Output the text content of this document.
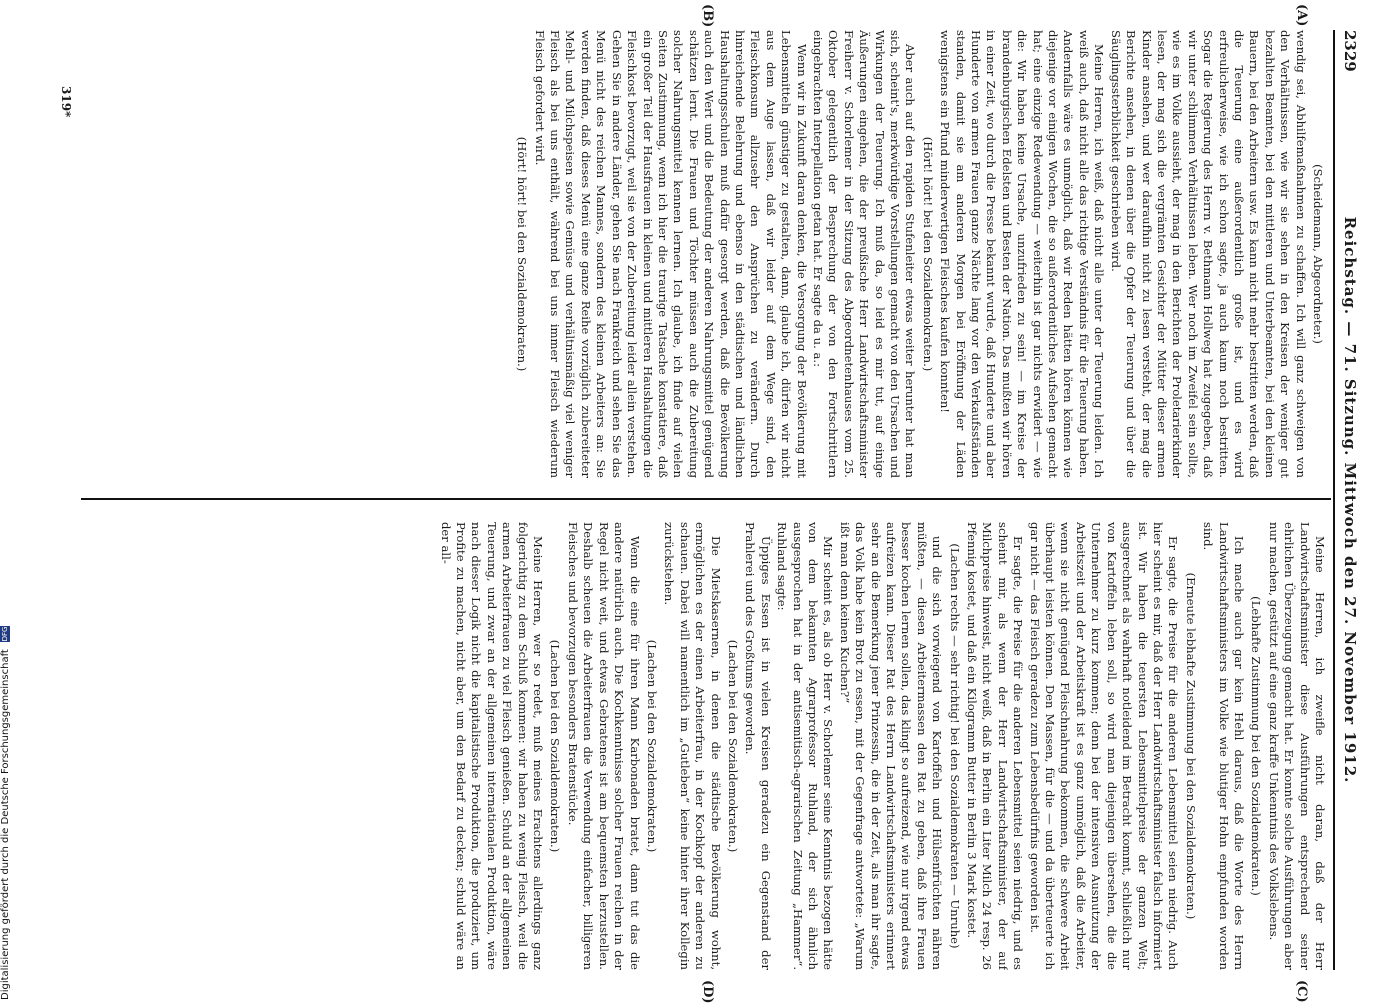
Reichstag. — 71. Sitzung. Mittwoch den 27. November 1912.
2329
(A)
(B)
(C)
(D)

(Scheidemann, Abgeordneter.)

wendig sei, Abhilfemaßnahmen zu schaffen. Ich will ganz schweigen von den Verhältnissen, wie wir sie sehen in den Kreisen der weniger gut bezahlten Beamten, bei den mittleren und Unterbeamten, bei den kleinen Bauern, bei den Arbeitern usw. Es kann nicht mehr bestritten werden, daß die Teuerung eine außerordentlich große ist, und es wird erfreulicherweise, wie ich schon sagte, ja auch kaum noch bestritten. Sogar die Regierung des Herrn v. Bethmann Hollweg hat zugegeben, daß wir unter schlimmen Verhältnissen leben. Wer noch im Zweifel sein sollte, wie es im Volke aussieht, der mag in den Berichten der Proletarierkinder lesen, der mag sich die vergrämten Gesichter der Mütter dieser armen Kinder ansehen, und wer daraufhin nicht zu lesen versteht, der mag die Berichte ansehen, in denen über die Opfer der Teuerung und über die Säuglingssterblichkeit geschrieben wird.

Meine Herren, ich weiß, daß nicht alle unter der Teuerung leiden. Ich weiß auch, daß nicht alle das richtige Verständnis für die Teuerung haben. Andernfalls wäre es unmöglich, daß wir Reden hätten hören können wie diejenige vor einigen Wochen, die so außerordentliches Aufsehen gemacht hat; eine einzige Redewendung — weiterhin ist gar nichts erwidert — wie die: Wir haben keine Ursache, unzufrieden zu sein! — im Kreise der brandenburgischen Edelsten und Besten der Nation. Das mußten wir hören in einer Zeit, wo durch die Presse bekannt wurde, daß Hunderte und aber Hunderte von armen Frauen ganze Nächte lang vor den Verkaufsständen standen, damit sie am anderen Morgen bei Eröffnung der Läden wenigstens ein Pfund minderwertigen Fleisches kaufen konnten!

(Hört! hört! bei den Sozialdemokraten.)

Aber auch auf den rapiden Stufenleiter etwas weiter herunter hat man sich, scheint's, merkwürdige Vorstellungen gemacht von den Ursachen und Wirkungen der Teuerung. Ich muß da, so leid es mir tut, auf einige Äußerungen eingehen, die der preußische Herr Landwirtschaftsminister Freiherr v. Schorlemer in der Sitzung des Abgeordnetenhauses vom 25. Oktober gelegentlich der Besprechung der von den Fortschrittlern eingebrachten Interpellation getan hat. Er sagte da u. a.:

Wenn wir in Zukunft daran denken, die Versorgung der Bevölkerung mit Lebensmitteln günstiger zu gestalten, dann, glaube ich, dürfen wir nicht aus dem Auge lassen, daß wir leider auf dem Wege sind, den Fleischkonsum allzusehr den Ansprüchen zu verändern. Durch hinreichende Belehrung und ebenso in den städtischen und ländlichen Haushaltungsschulen muß dafür gesorgt werden, daß die Bevölkerung auch den Wert und die Bedeutung der anderen Nahrungsmittel genügend schätzen lernt. Die Frauen und Töchter müssen auch die Zubereitung solcher Nahrungsmittel kennen lernen. Ich glaube, ich finde auf vielen Seiten Zustimmung, wenn ich hier die traurige Tatsache konstatiere, daß ein großer Teil der Hausfrauen in kleinen und mittleren Haushaltungen die Fleischkost bevorzugt, weil sie von der Zubereitung leider allein verstehen. Gehen Sie in andere Länder, gehen Sie nach Frankreich und sehen Sie das Menü nicht des reichen Mannes, sondern des kleinen Arbeiters an: Sie werden finden, daß dieses Menü eine ganze Reihe vorzüglich zubereiteter Mehl- und Milchspeisen sowie Gemüse und verhältnismäßig viel weniger Fleisch als bei uns enthält, während bei uns immer Fleisch wiederum Fleisch gefordert wird.

(Hört! hört! bei den Sozialdemokraten.)

Meine Herren, ich zweifle nicht daran, daß der Herr Landwirtschaftsminister diese Ausführungen entsprechend seiner ehrlichen Überzeugung gemacht hat. Er konnte solche Ausführungen aber nur machen, gestützt auf eine ganz kraffe Unkenntnis des Volkslebens.

(Lebhafte Zustimmung bei den Sozialdemokraten.)

Ich mache auch gar kein Hehl daraus, daß die Worte des Herrn Landwirtschaftsministers im Volke wie blutiger Hohn empfunden worden sind.

(Erneute lebhafte Zustimmung bei den Sozialdemokraten.)

Er sagte, die Preise für die anderen Lebensmittel seien niedrig. Auch hier scheint es mir, daß der Herr Landwirtschaftsminister falsch informiert ist. Wir haben die teuersten Lebensmittelpreise der ganzen Welt; ausgerechnet als wahrhaft notleidend im Betracht kommt, schließlich nur von Kartoffeln leben soll, so wird man diejenigen übersehen, die die Unternehmer zu kurz kommen; denn bei der intensiven Ausnutzung der Arbeitszeit und der Arbeitskraft ist es ganz unmöglich, daß die Arbeiter, wenn sie nicht genügend Fleischnahrung bekommen, die schwere Arbeit überhaupt leisten können. Den Massen, für die — und da überteuerte ich gar nicht — das Fleisch geradezu zum Lebensbedürfnis geworden ist.

Er sagte, die Preise für die anderen Lebensmittel seien niedrig, und es scheint mir, als wenn der Herr Landwirtschaftsminister, der auf Milchpreise hinweist, nicht weiß, daß in Berlin ein Liter Milch 24 resp. 26 Pfennig kostet, und daß ein Kilogramm Butter in Berlin 3 Mark kostet.

(Lachen rechts — sehr richtig! bei den Sozialdemokraten — Unruhe)

und die sich vorwiegend von Kartoffeln und Hülsenfrüchten nähren müßten, — diesen Arbeitermassen den Rat zu geben, daß ihre Frauen besser kochen lernen sollen, das klingt so aufreizend, wie nur irgend etwas aufreizen kann. Dieser Rat des Herrn Landwirtschaftsministers erinnert sehr an die Bemerkung jener Prinzessin, die in der Zeit, als man ihr sagte, das Volk habe kein Brot zu essen, mit der Gegenfrage antwortete: „Warum ißt man denn keinen Kuchen?“

Mir scheint es, als ob Herr v. Schorlemer seine Kenntnis bezogen hätte von dem bekannten Agrarprofessor Ruhland, der sich ähnlich ausgesprochen hat in der antisemitisch-agrarischen Zeitung „Hammer“. Ruhland sagte:

Üppiges Essen ist in vielen Kreisen geradezu ein Gegenstand der Prahlerei und des Großtums geworden.

(Lachen bei den Sozialdemokraten.)

Die Mietskasernen, in denen die städtische Bevölkerung wohnt, ermöglichen es der einen Arbeiterfrau, in der Kochkopf der anderen zu schauen. Dabei will namentlich im „Gutleben“ keine hinter ihrer Kollegin zurückstehen.

(Lachen bei den Sozialdemokraten.)

Wenn die eine für ihren Mann Karbonaden bratet, dann tut das die andere natürlich auch. Die Kochkenntnisse solcher Frauen reichen in der Regel nicht weit, und etwas Gebratenes ist am bequemsten herzustellen. Deshalb scheuen die Arbeiterfrauen die Verwendung einfacher, billigeren Fleisches und bevorzugen besonders Bratenstücke.

(Lachen bei den Sozialdemokraten.)

Meine Herren, wer so redet, muß meines Erachtens allerdings ganz folgerichtig zu dem Schluß kommen: wir haben zu wenig Fleisch, weil die armen Arbeiterfrauen zu viel Fleisch genießen. Schuld an der allgemeinen Teuerung, und zwar an der allgemeinen internationalen Produktion, wäre nach dieser Logik nicht die kapitalistische Produktion, die produziert, um Profite zu machen, nicht aber, um den Bedarf zu decken; schuld wäre an der all-

319*
Digitalisierung gefördert durch die Deutsche Forschungsgemeinschaft DFG
